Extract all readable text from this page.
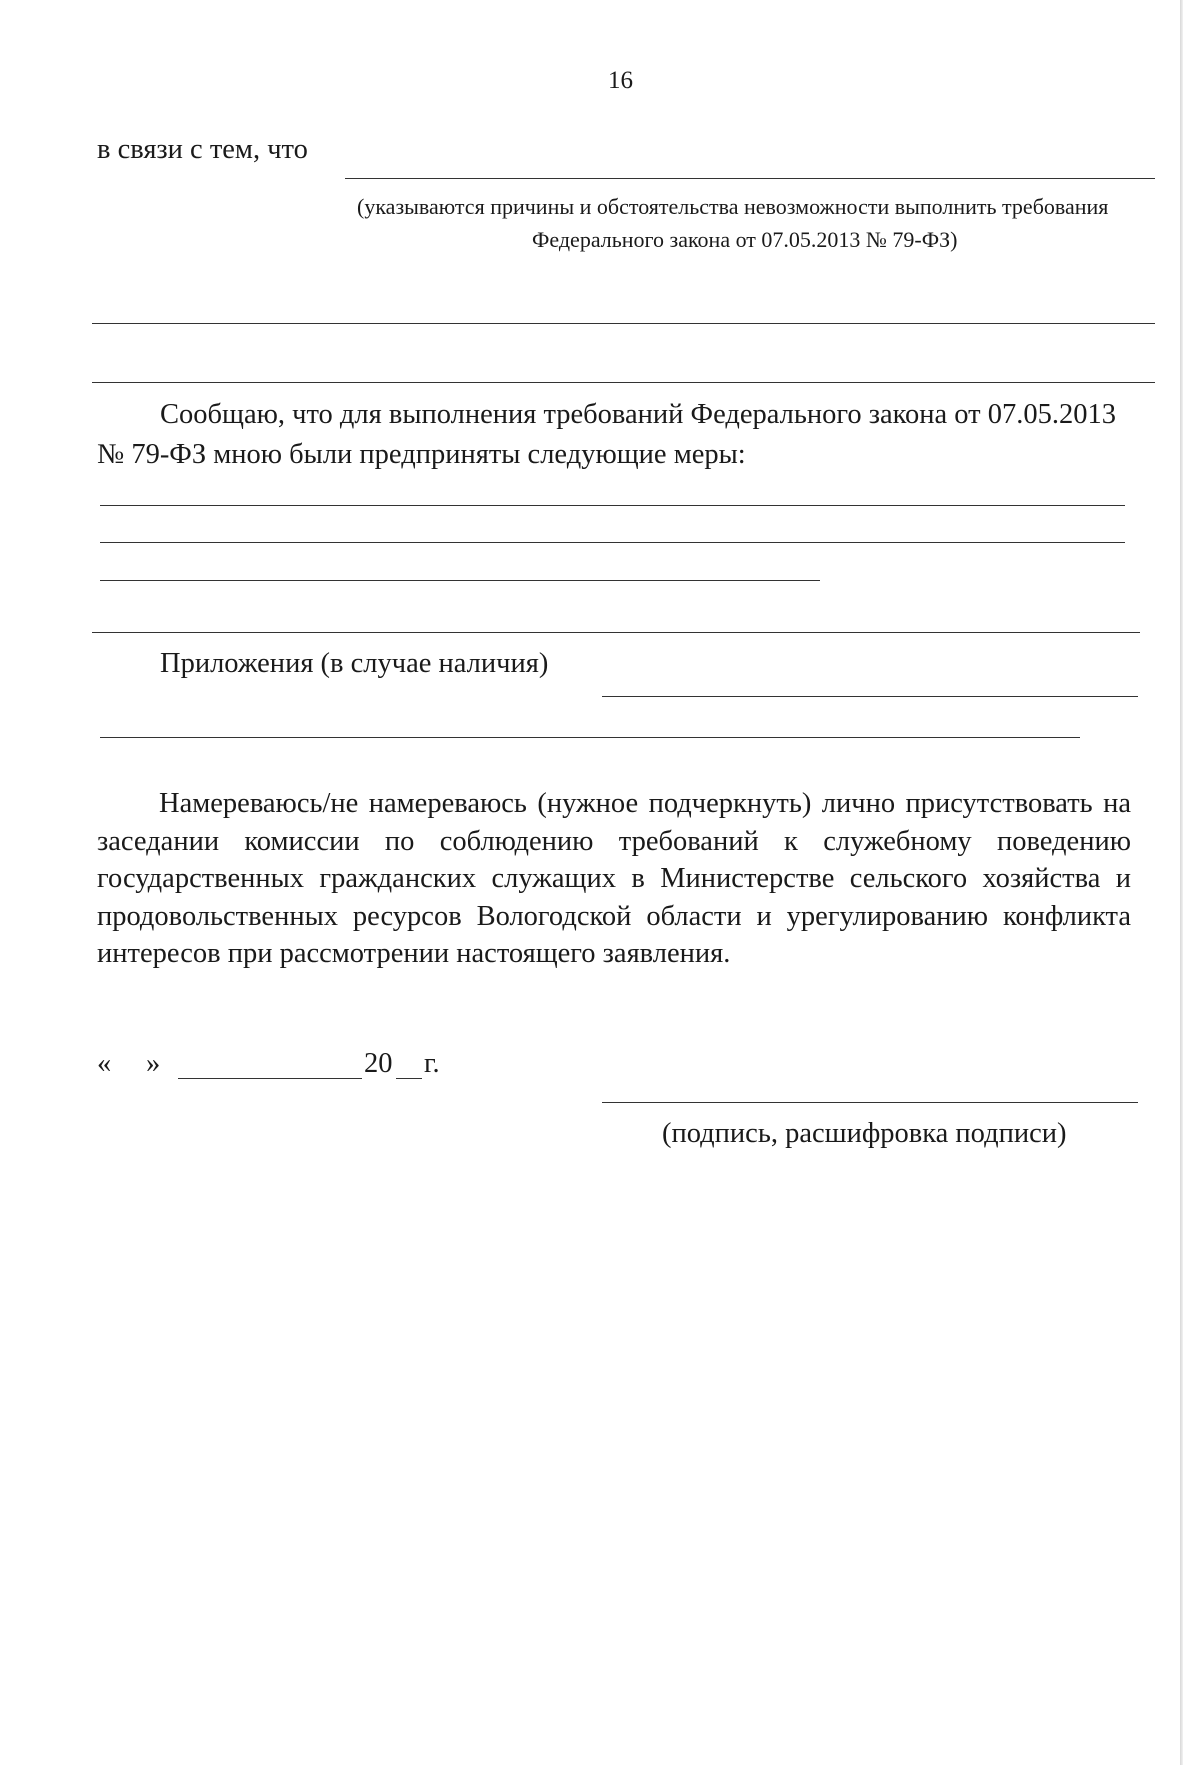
16
в связи с тем, что
(указываются причины и обстоятельства невозможности выполнить требования
Федерального закона от 07.05.2013 № 79-ФЗ)
Сообщаю, что для выполнения требований Федерального закона от 07.05.2013
№ 79-ФЗ мною были предприняты следующие меры:
Приложения (в случае наличия)
Намереваюсь/не намереваюсь (нужное подчеркнуть) лично присутствовать на
заседании комиссии по соблюдению требований к служебному поведению
государственных гражданских служащих в Министерстве сельского хозяйства и
продовольственных ресурсов Вологодской области и урегулированию конфликта
интересов при рассмотрении настоящего заявления.
« »	20 г.
(подпись, расшифровка подписи)
